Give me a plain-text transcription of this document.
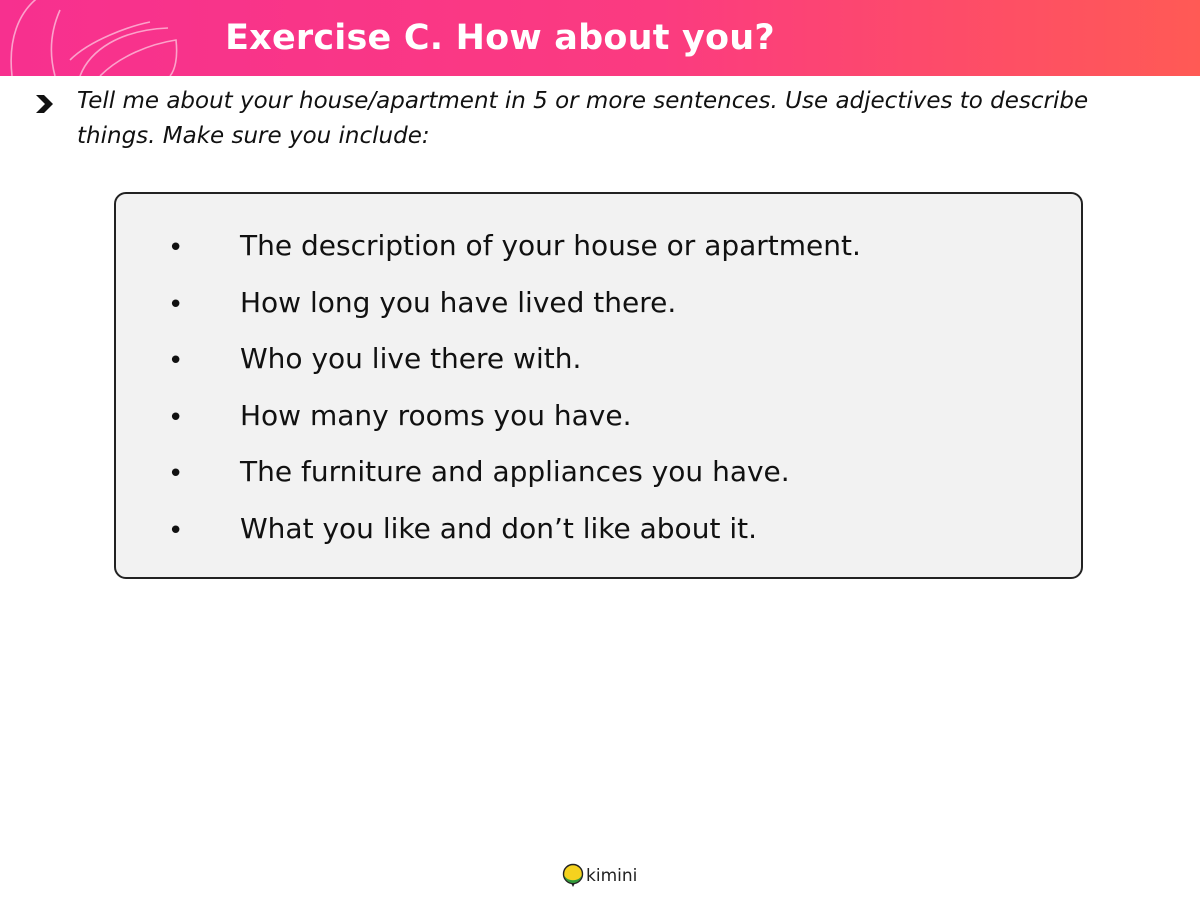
Exercise C. How about you?
Tell me about your house/apartment in 5 or more sentences. Use adjectives to describe things. Make sure you include:
• The description of your house or apartment.
• How long you have lived there.
• Who you live there with.
• How many rooms you have.
• The furniture and appliances you have.
• What you like and don’t like about it.
kimini
